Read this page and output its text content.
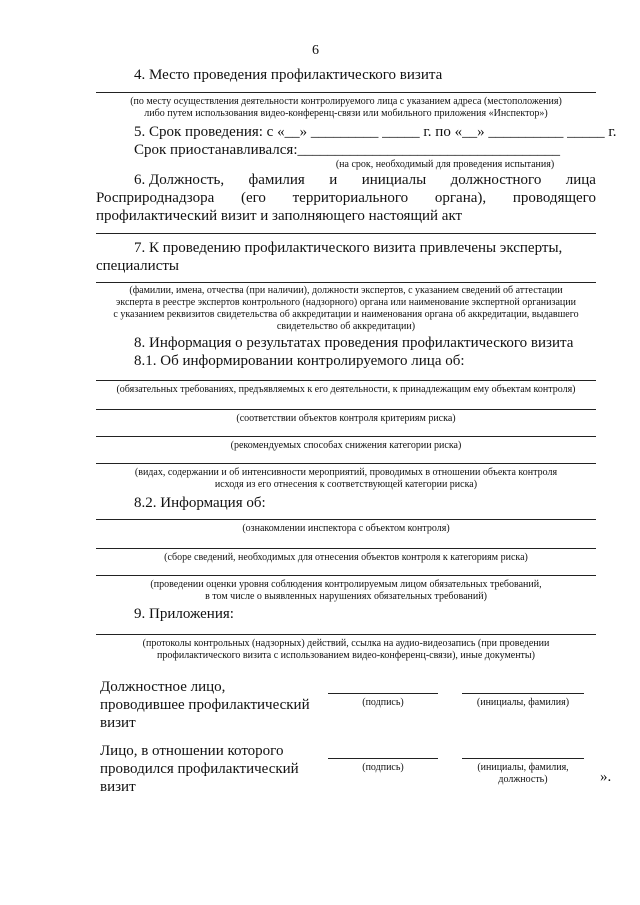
6
4. Место проведения профилактического визита
(по месту осуществления деятельности контролируемого лица с указанием адреса (местоположения)
либо путем использования видео-конференц-связи или мобильного приложения «Инспектор»)
5. Срок проведения: с «__» _________ _____ г. по «__» __________ _____ г.
Срок приостанавливался:___________________________________
(на срок, необходимый для проведения испытания)
6. Должность, фамилия и инициалы должностного лица
Росприроднадзора (его территориального органа), проводящего
профилактический визит и заполняющего настоящий акт
7. К проведению профилактического визита привлечены эксперты,
специалисты
(фамилии, имена, отчества (при наличии), должности экспертов, с указанием сведений об аттестации
эксперта в реестре экспертов контрольного (надзорного) органа или наименование экспертной организации
с указанием реквизитов свидетельства об аккредитации и наименования органа об аккредитации, выдавшего
свидетельство об аккредитации)
8. Информация о результатах проведения профилактического визита
8.1. Об информировании контролируемого лица об:
(обязательных требованиях, предъявляемых к его деятельности, к принадлежащим ему объектам контроля)
(соответствии объектов контроля критериям риска)
(рекомендуемых способах снижения категории риска)
(видах, содержании и об интенсивности мероприятий, проводимых в отношении объекта контроля
исходя из его отнесения к соответствующей категории риска)
8.2. Информация об:
(ознакомлении инспектора с объектом контроля)
(сборе сведений, необходимых для отнесения объектов контроля к категориям риска)
(проведении оценки уровня соблюдения контролируемым лицом обязательных требований,
в том числе о выявленных нарушениях обязательных требований)
9. Приложения:
(протоколы контрольных (надзорных) действий, ссылка на аудио-видеозапись (при проведении
профилактического визита с использованием видео-конференц-связи), иные документы)
Должностное лицо,
проводившее профилактический
визит
(подпись)	(инициалы, фамилия)
Лицо, в отношении которого
проводился профилактический
визит
(подпись)	(инициалы, фамилия,
должность)	».
